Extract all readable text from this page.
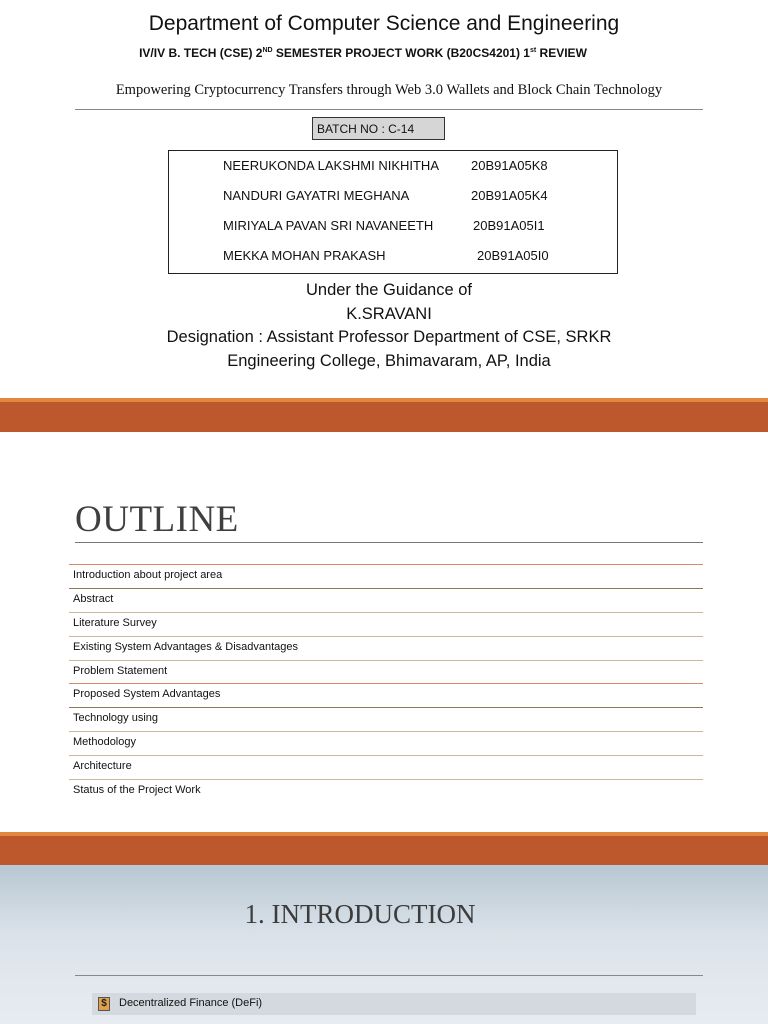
Department of Computer Science and Engineering
IV/IV B. TECH (CSE) 2ND SEMESTER PROJECT WORK (B20CS4201) 1st REVIEW
Empowering Cryptocurrency Transfers through Web 3.0 Wallets and Block Chain Technology
BATCH NO : C-14
NEERUKONDA LAKSHMI NIKHITHA 20B91A05K8
NANDURI GAYATRI MEGHANA	20B91A05K4
MIRIYALA PAVAN SRI NAVANEETH	20B91A05I1
MEKKA MOHAN PRAKASH	20B91A05I0
Under the Guidance of
K.SRAVANI
Designation : Assistant Professor Department of CSE, SRKR
Engineering College, Bhimavaram, AP, India
OUTLINE
Introduction about project area
Abstract
Literature Survey
Existing System Advantages & Disadvantages
Problem Statement
Proposed System Advantages
Technology using
Methodology
Architecture
Status of the Project Work
1. INTRODUCTION
$ Decentralized Finance (DeFi)
